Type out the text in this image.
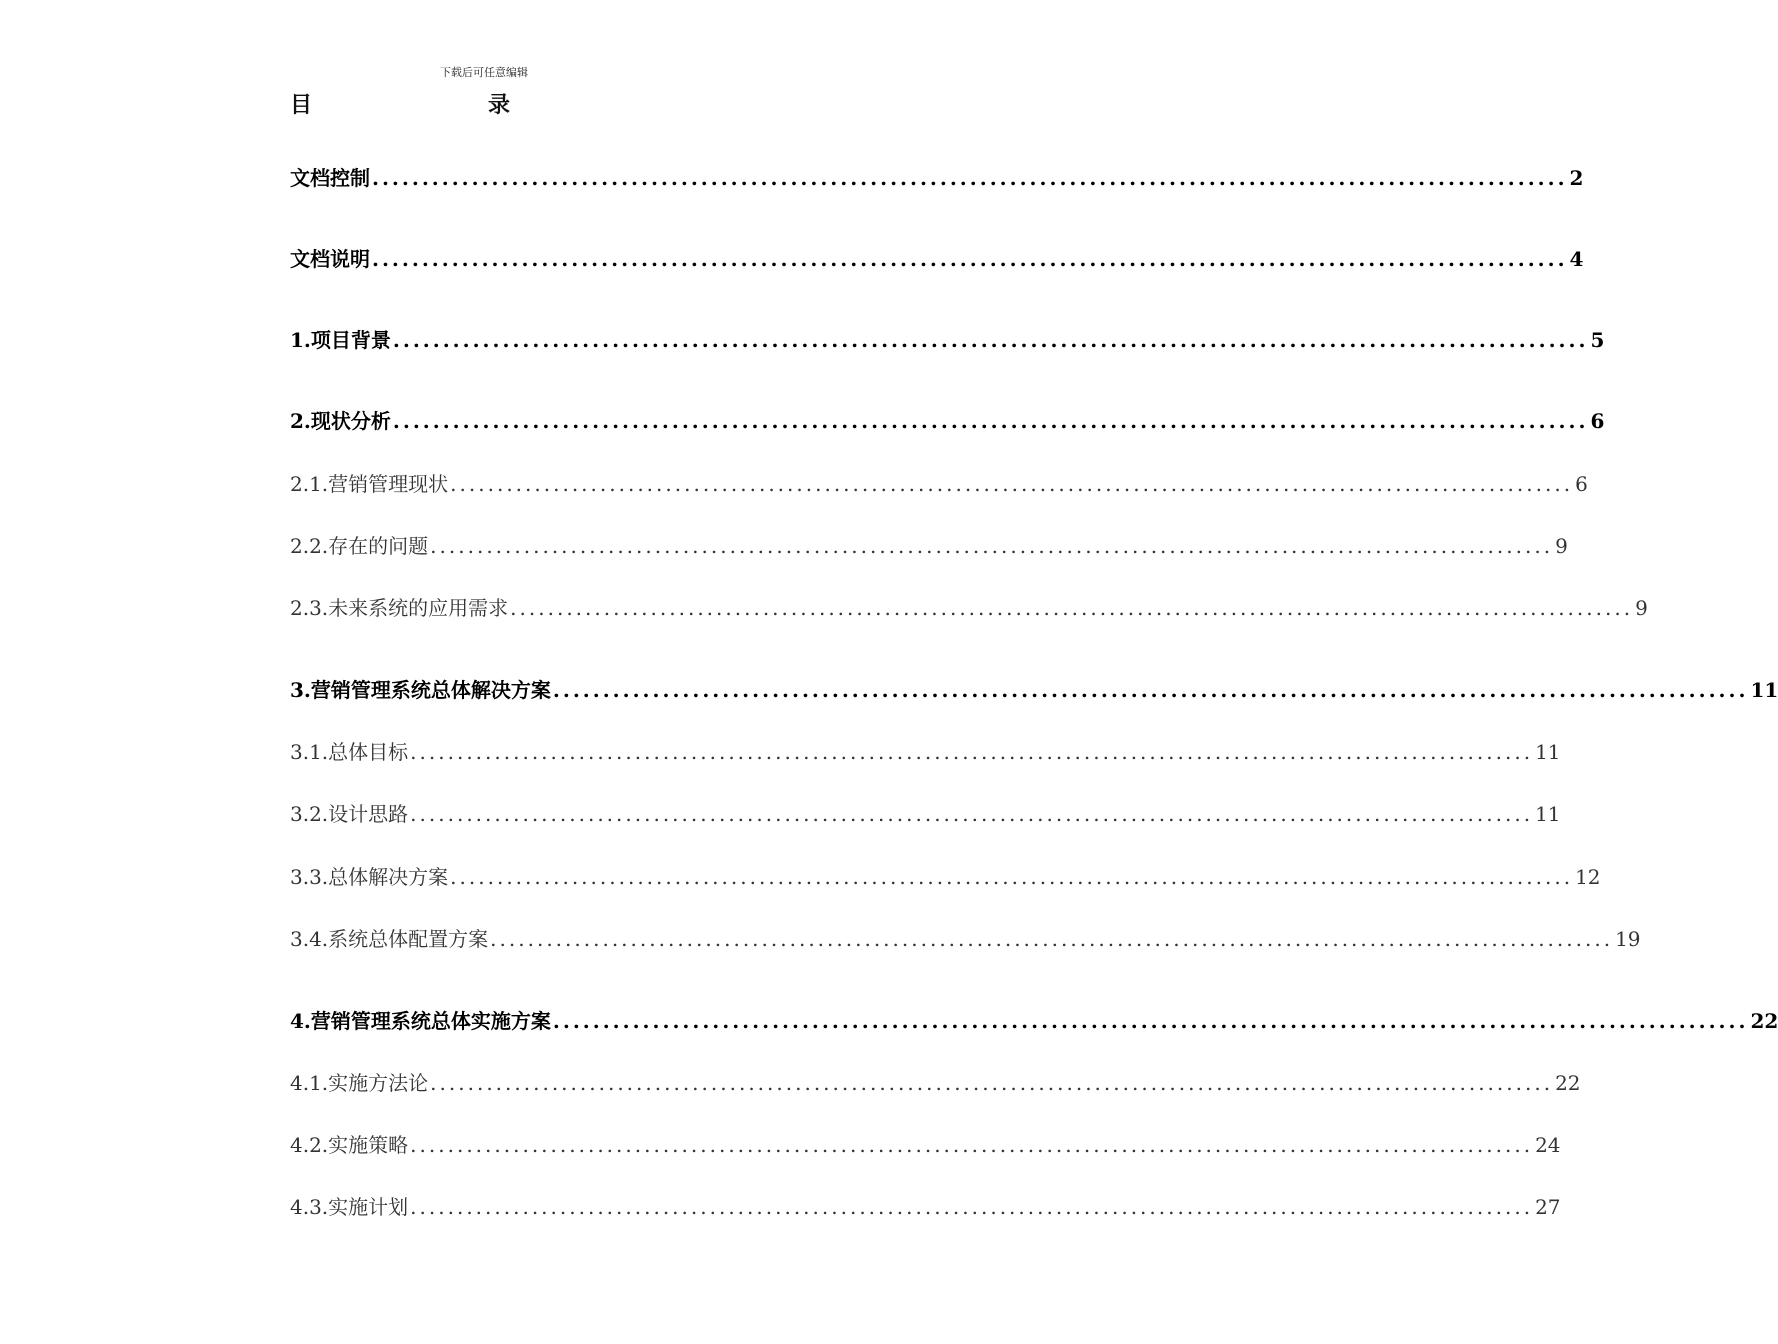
下载后可任意编辑
目	录
文档控制 ........................................................................................................................ 2
文档说明 ........................................................................................................................ 4
1. 项目背景 ........................................................................................................................ 5
2. 现状分析 ........................................................................................................................ 6
2.1. 营销管理现状 ........................................................................................................................ 6
2.2. 存在的问题 ........................................................................................................................ 9
2.3. 未来系统的应用需求 ........................................................................................................................ 9
3. 营销管理系统总体解决方案 ........................................................................................................................ 11
3.1. 总体目标 ........................................................................................................................ 11
3.2. 设计思路 ........................................................................................................................ 11
3.3. 总体解决方案 ........................................................................................................................ 12
3.4. 系统总体配置方案 ........................................................................................................................ 19
4. 营销管理系统总体实施方案 ........................................................................................................................ 22
4.1. 实施方法论 ........................................................................................................................ 22
4.2. 实施策略 ........................................................................................................................ 24
4.3. 实施计划 ........................................................................................................................ 27
